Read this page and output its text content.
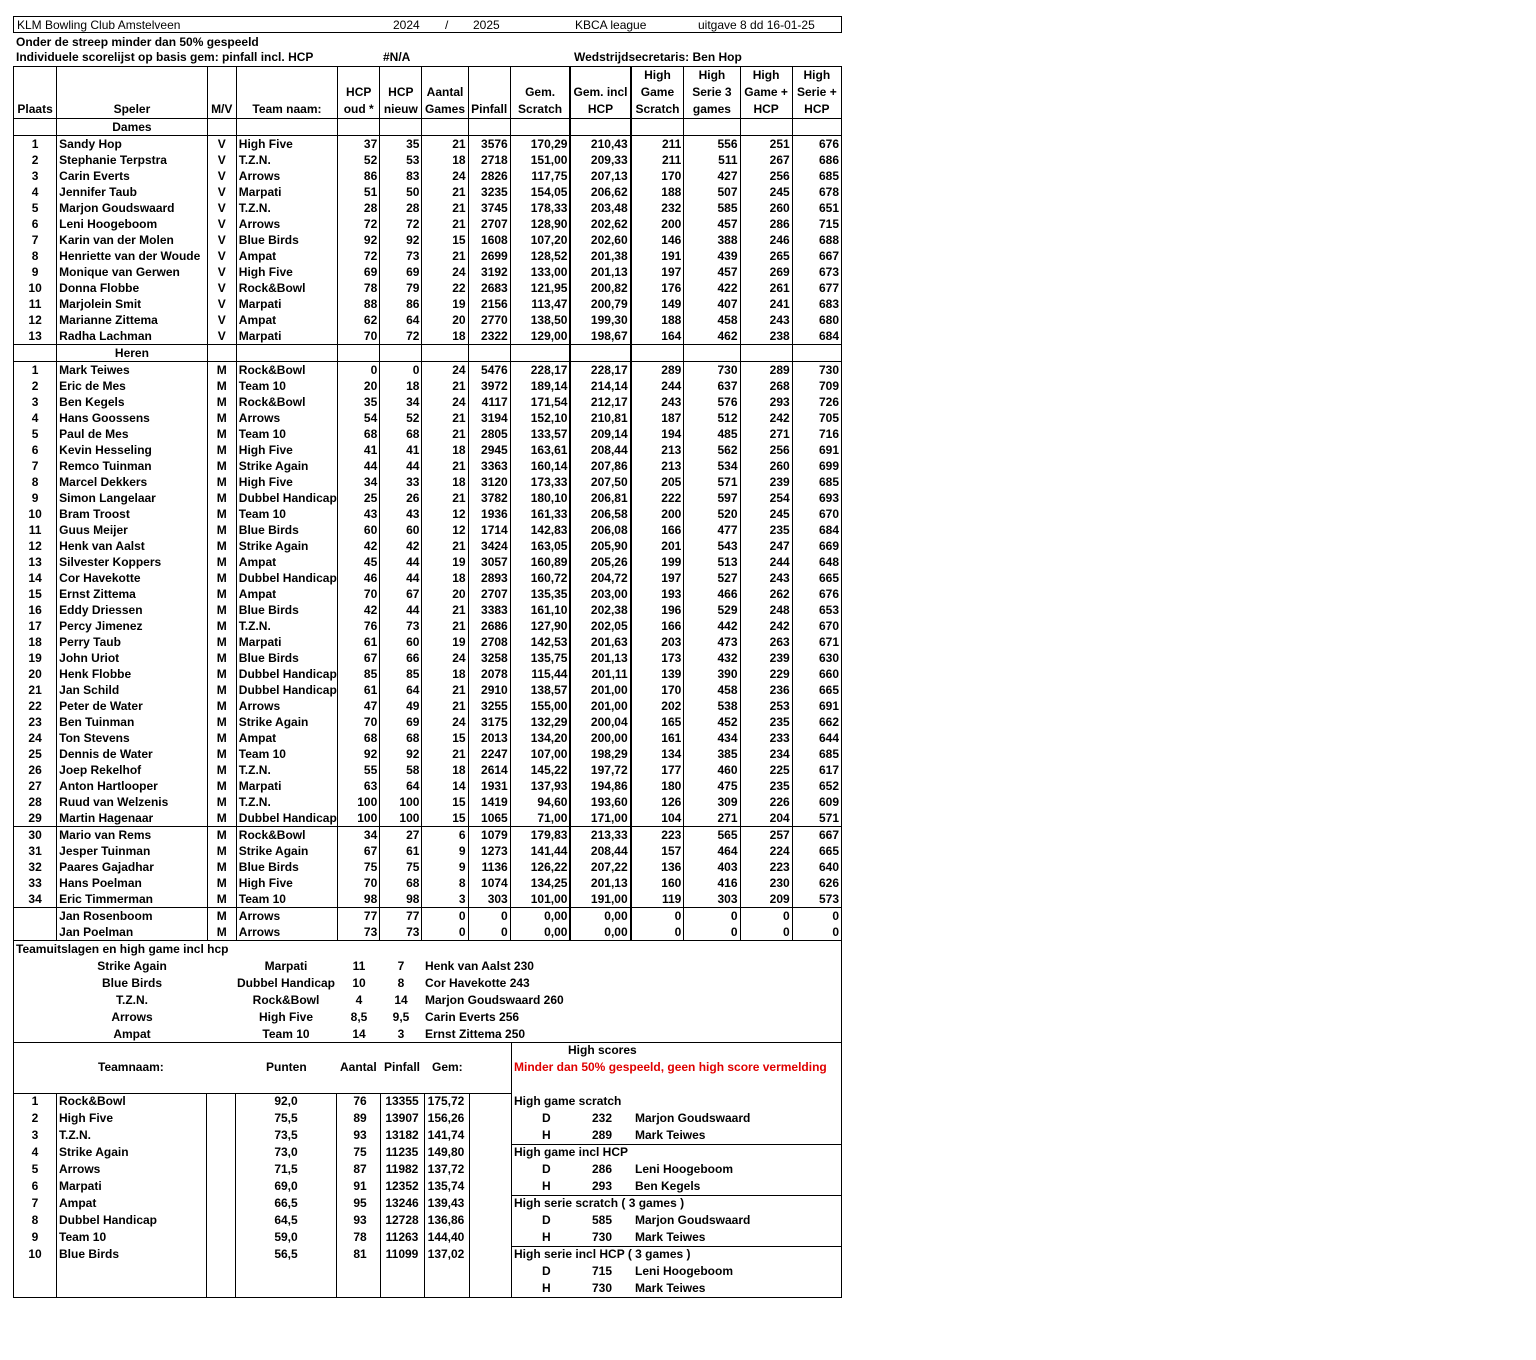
KLM Bowling Club Amstelveen	2024 / 2025	KBCA league	uitgave 8 dd 16-01-25
Onder de streep minder dan 50% gespeeld
Individuele scorelijst op basis gem: pinfall incl. HCP	#N/A	Wedstrijdsecretaris: Ben Hop
Plaats	Speler	M/V	Team naam:	HCP oud *	HCP nieuw	Aantal Games	Pinfall	Gem. Scratch	Gem. incl HCP	High Game Scratch	High Serie 3 games	High Game + HCP	High Serie + HCP
	Dames												
1	Sandy Hop	V	High Five	37	35	21	3576	170,29	210,43	211	556	251	676
2	Stephanie Terpstra	V	T.Z.N.	52	53	18	2718	151,00	209,33	211	511	267	686
3	Carin Everts	V	Arrows	86	83	24	2826	117,75	207,13	170	427	256	685
4	Jennifer Taub	V	Marpati	51	50	21	3235	154,05	206,62	188	507	245	678
5	Marjon Goudswaard	V	T.Z.N.	28	28	21	3745	178,33	203,48	232	585	260	651
6	Leni Hoogeboom	V	Arrows	72	72	21	2707	128,90	202,62	200	457	286	715
7	Karin van der Molen	V	Blue Birds	92	92	15	1608	107,20	202,60	146	388	246	688
8	Henriette van der Woude	V	Ampat	72	73	21	2699	128,52	201,38	191	439	265	667
9	Monique van Gerwen	V	High Five	69	69	24	3192	133,00	201,13	197	457	269	673
10	Donna Flobbe	V	Rock&Bowl	78	79	22	2683	121,95	200,82	176	422	261	677
11	Marjolein Smit	V	Marpati	88	86	19	2156	113,47	200,79	149	407	241	683
12	Marianne Zittema	V	Ampat	62	64	20	2770	138,50	199,30	188	458	243	680
13	Radha Lachman	V	Marpati	70	72	18	2322	129,00	198,67	164	462	238	684
	Heren												
1	Mark Teiwes	M	Rock&Bowl	0	0	24	5476	228,17	228,17	289	730	289	730
2	Eric de Mes	M	Team 10	20	18	21	3972	189,14	214,14	244	637	268	709
3	Ben Kegels	M	Rock&Bowl	35	34	24	4117	171,54	212,17	243	576	293	726
4	Hans Goossens	M	Arrows	54	52	21	3194	152,10	210,81	187	512	242	705
5	Paul de Mes	M	Team 10	68	68	21	2805	133,57	209,14	194	485	271	716
6	Kevin Hesseling	M	High Five	41	41	18	2945	163,61	208,44	213	562	256	691
7	Remco Tuinman	M	Strike Again	44	44	21	3363	160,14	207,86	213	534	260	699
8	Marcel Dekkers	M	High Five	34	33	18	3120	173,33	207,50	205	571	239	685
9	Simon Langelaar	M	Dubbel Handicap	25	26	21	3782	180,10	206,81	222	597	254	693
10	Bram Troost	M	Team 10	43	43	12	1936	161,33	206,58	200	520	245	670
11	Guus Meijer	M	Blue Birds	60	60	12	1714	142,83	206,08	166	477	235	684
12	Henk van Aalst	M	Strike Again	42	42	21	3424	163,05	205,90	201	543	247	669
13	Silvester Koppers	M	Ampat	45	44	19	3057	160,89	205,26	199	513	244	648
14	Cor Havekotte	M	Dubbel Handicap	46	44	18	2893	160,72	204,72	197	527	243	665
15	Ernst Zittema	M	Ampat	70	67	20	2707	135,35	203,00	193	466	262	676
16	Eddy Driessen	M	Blue Birds	42	44	21	3383	161,10	202,38	196	529	248	653
17	Percy Jimenez	M	T.Z.N.	76	73	21	2686	127,90	202,05	166	442	242	670
18	Perry Taub	M	Marpati	61	60	19	2708	142,53	201,63	203	473	263	671
19	John Uriot	M	Blue Birds	67	66	24	3258	135,75	201,13	173	432	239	630
20	Henk Flobbe	M	Dubbel Handicap	85	85	18	2078	115,44	201,11	139	390	229	660
21	Jan Schild	M	Dubbel Handicap	61	64	21	2910	138,57	201,00	170	458	236	665
22	Peter de Water	M	Arrows	47	49	21	3255	155,00	201,00	202	538	253	691
23	Ben Tuinman	M	Strike Again	70	69	24	3175	132,29	200,04	165	452	235	662
24	Ton Stevens	M	Ampat	68	68	15	2013	134,20	200,00	161	434	233	644
25	Dennis de Water	M	Team 10	92	92	21	2247	107,00	198,29	134	385	234	685
26	Joep Rekelhof	M	T.Z.N.	55	58	18	2614	145,22	197,72	177	460	225	617
27	Anton Hartlooper	M	Marpati	63	64	14	1931	137,93	194,86	180	475	235	652
28	Ruud van Welzenis	M	T.Z.N.	100	100	15	1419	94,60	193,60	126	309	226	609
29	Martin Hagenaar	M	Dubbel Handicap	100	100	15	1065	71,00	171,00	104	271	204	571
30	Mario van Rems	M	Rock&Bowl	34	27	6	1079	179,83	213,33	223	565	257	667
31	Jesper Tuinman	M	Strike Again	67	61	9	1273	141,44	208,44	157	464	224	665
32	Paares Gajadhar	M	Blue Birds	75	75	9	1136	126,22	207,22	136	403	223	640
33	Hans Poelman	M	High Five	70	68	8	1074	134,25	201,13	160	416	230	626
34	Eric Timmerman	M	Team 10	98	98	3	303	101,00	191,00	119	303	209	573
	Jan Rosenboom	M	Arrows	77	77	0	0	0,00	0,00	0	0	0	0
	Jan Poelman	M	Arrows	73	73	0	0	0,00	0,00	0	0	0	0
Teamuitslagen en high game incl hcp
Strike Again	Marpati	11	7 Henk van Aalst 230
Blue Birds	Dubbel Handicap 10	8 Cor Havekotte 243
T.Z.N.	Rock&Bowl	4	14 Marjon Goudswaard 260
Arrows	High Five	8,5 9,5 Carin Everts 256
Ampat	Team 10	14	3 Ernst Zittema 250
Teamnaam:	Punten	Aantal Pinfall Gem:
1 Rock&Bowl	92,0	76 13355 175,72
2 High Five	75,5	89 13907 156,26
3 T.Z.N.	73,5	93 13182 141,74
4 Strike Again	73,0	75 11235 149,80
5 Arrows	71,5	87 11982 137,72
6 Marpati	69,0	91 12352 135,74
7 Ampat	66,5	95 13246 139,43
8 Dubbel Handicap	64,5	93 12728 136,86
9 Team 10	59,0	78 11263 144,40
10 Blue Birds	56,5	81 11099 137,02
High scores
Minder dan 50% gespeeld, geen high score vermelding
High game scratch
D	232 Marjon Goudswaard
H	289 Mark Teiwes
High game incl HCP
D	286 Leni Hoogeboom
H	293 Ben Kegels
High serie scratch ( 3 games )
D	585 Marjon Goudswaard
H	730 Mark Teiwes
High serie incl HCP ( 3 games )
D	715 Leni Hoogeboom
H	730 Mark Teiwes
